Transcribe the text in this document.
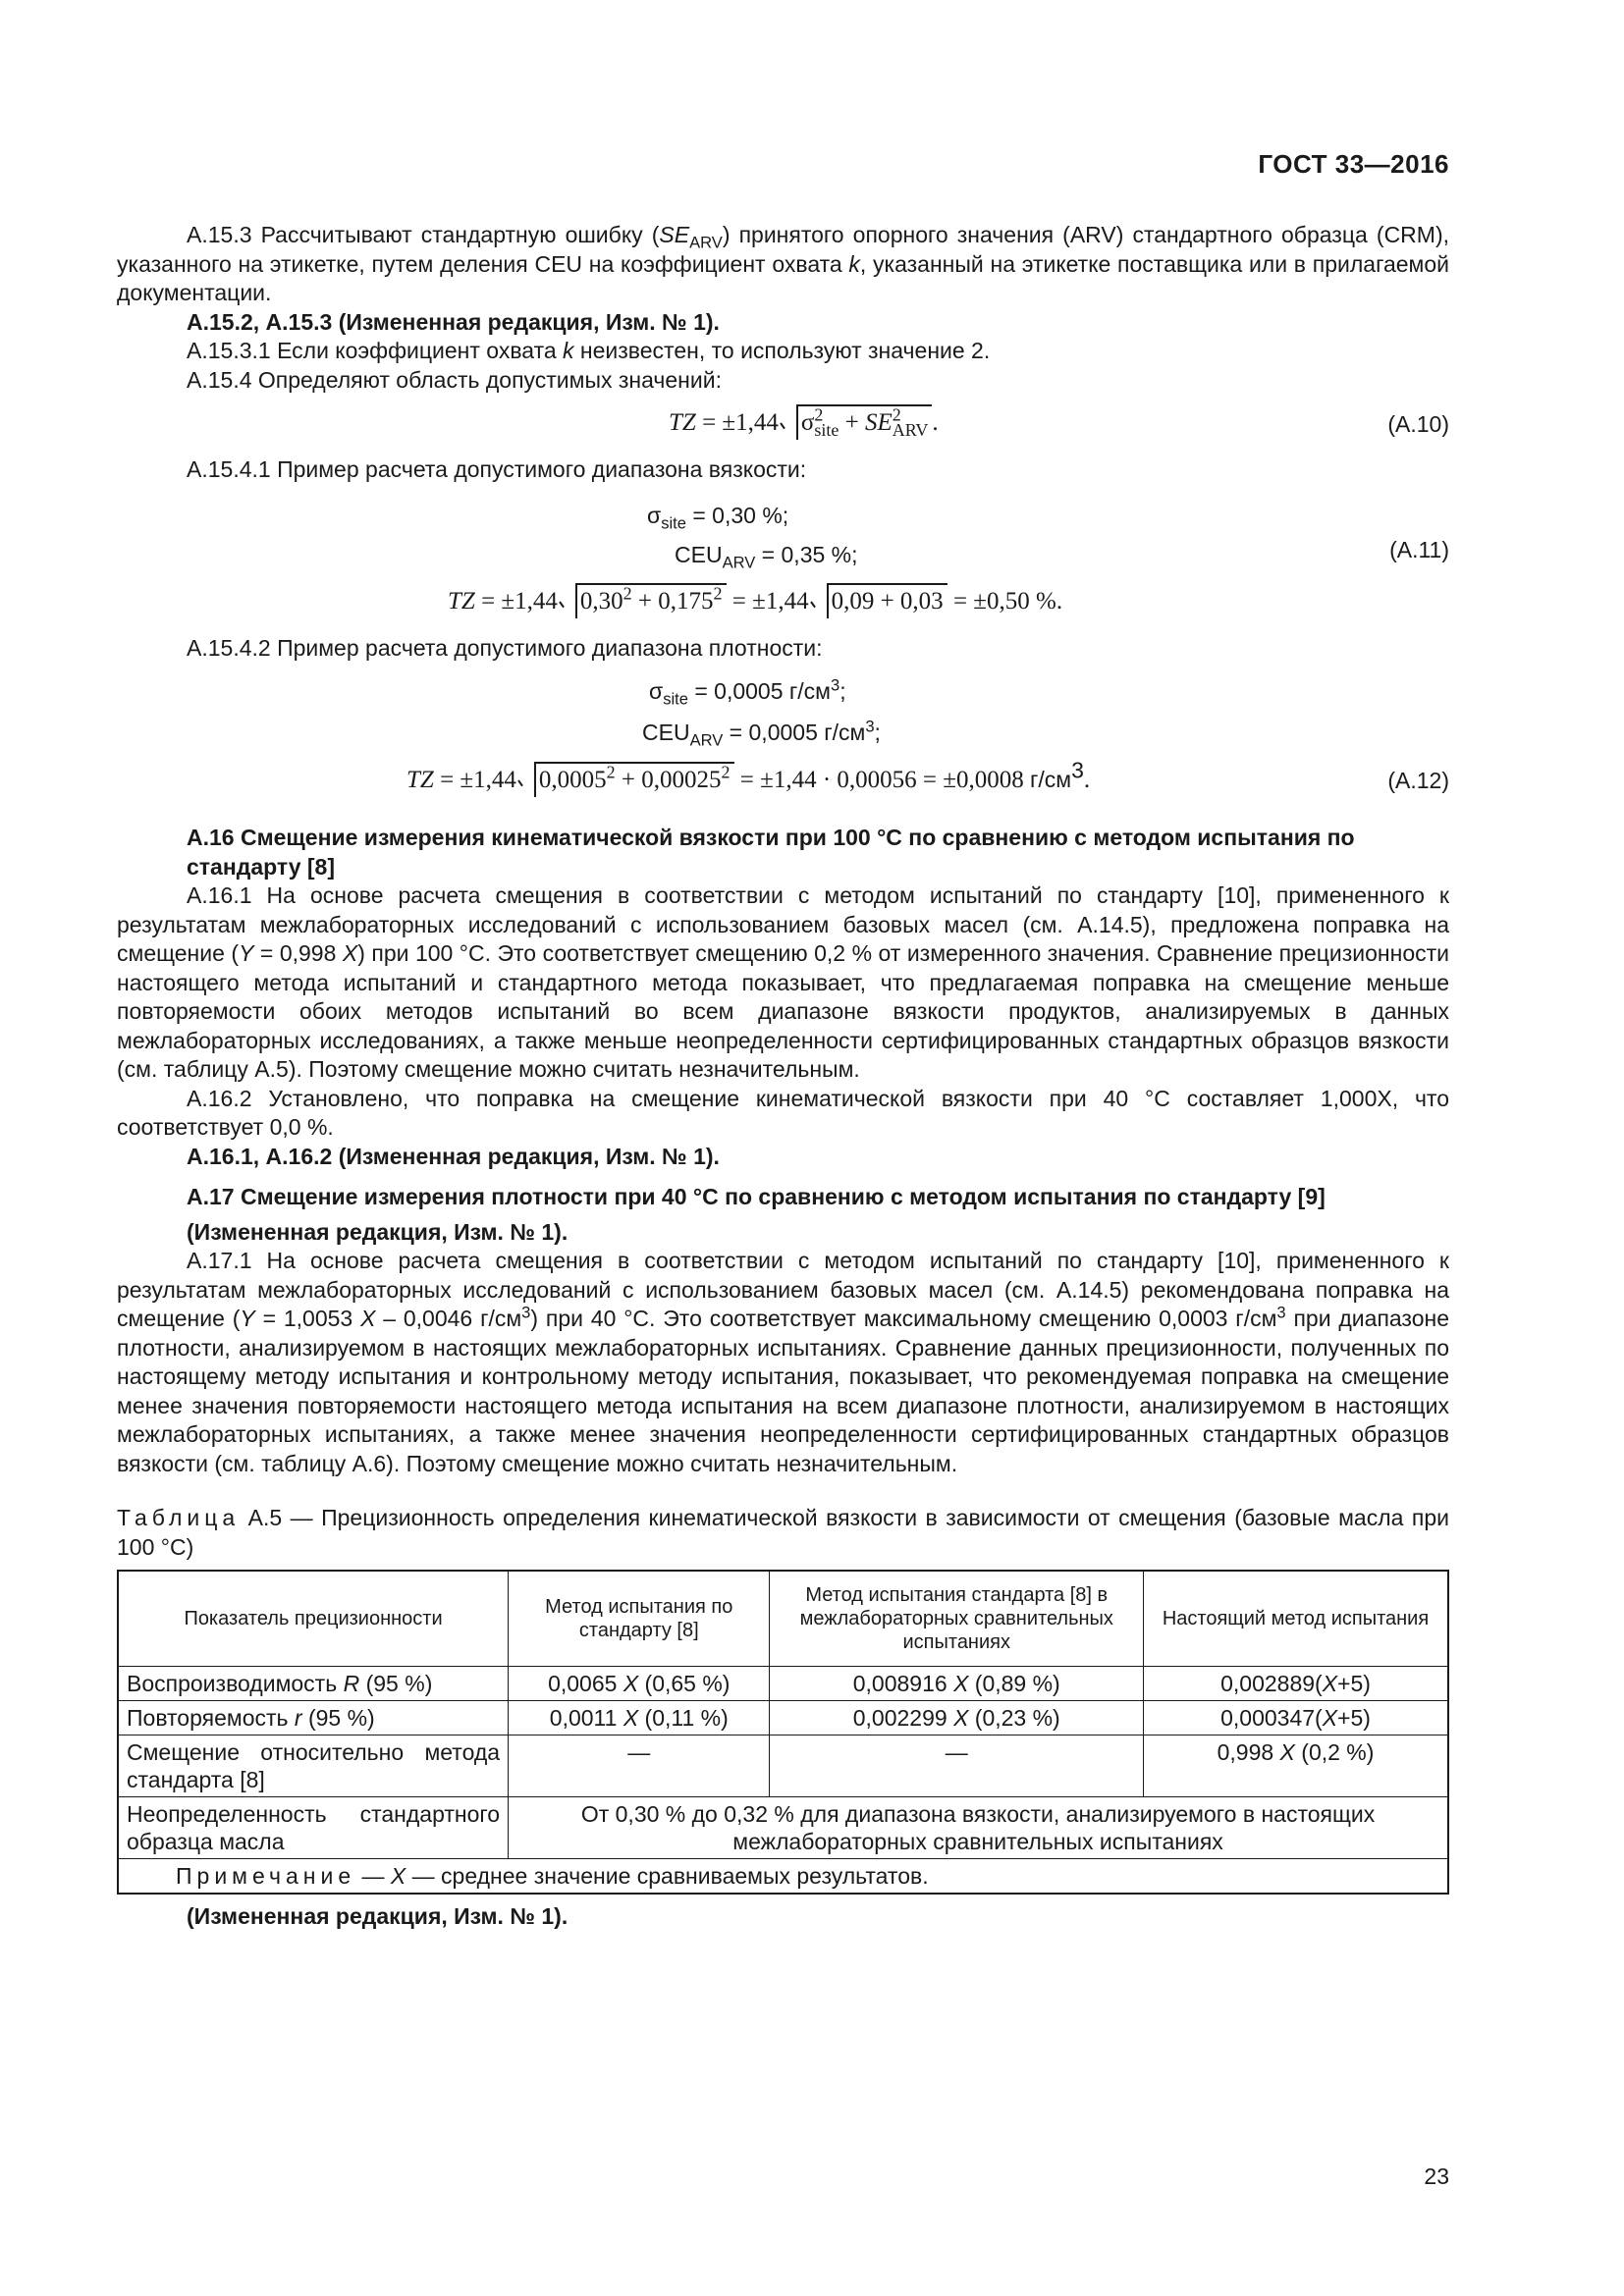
ГОСТ 33—2016

А.15.3 Рассчитывают стандартную ошибку $(SE_{ARV})$ принятого опорного значения (ARV) стандартного образца (CRM), указанного на этикетке, путем деления CEU на коэффициент охвата k, указанный на этикетке поставщика или в прилагаемой документации.

А.15.2, А.15.3 (Измененная редакция, Изм. № 1).

А.15.3.1 Если коэффициент охвата k неизвестен, то используют значение 2.

А.15.4 Определяют область допустимых значений:

TZ = ±1,44 $\sigma^2_{site} + SE^2_{ARV}$ .	(А.10)

А.15.4.1 Пример расчета допустимого диапазона вязкости:

$\sigma_{site} = 0,30$ %;
$CEU_{ARV} = 0,35$ %;	(А.11)
TZ = ±1,44 $0,30^2 + 0,175^2 = \pm 1,44$ 0,09 + 0,03 = ±0,50 %.

А.15.4.2 Пример расчета допустимого диапазона плотности:

$\sigma_{site} = 0,0005$ $г/см^3$;
$CEU_{ARV} = 0,0005$ $г/см^3$;
TZ = ±1,44 $0,0005^2 + 0,00025^2 = \pm 1,44 \cdot 0,00056 = \pm 0,0008$ $г/см^3$.	(А.12)

А.16 Смещение измерения кинематической вязкости при 100 °С по сравнению с методом испытания по стандарту [8]

А.16.1 На основе расчета смещения в соответствии с методом испытаний по стандарту [10], примененного к результатам межлабораторных исследований с использованием базовых масел (см. А.14.5), предложена поправка на смещение (Y = 0,998 X) при 100 °С. Это соответствует смещению 0,2 % от измеренного значения. Сравнение прецизионности настоящего метода испытаний и стандартного метода показывает, что предлагаемая поправка на смещение меньше повторяемости обоих методов испытаний во всем диапазоне вязкости продуктов, анализируемых в данных межлабораторных исследованиях, а также меньше неопределенности сертифицированных стандартных образцов вязкости (см. таблицу А.5). Поэтому смещение можно считать незначительным.

А.16.2 Установлено, что поправка на смещение кинематической вязкости при 40 °С составляет 1,000Х, что соответствует 0,0 %.

А.16.1, А.16.2 (Измененная редакция, Изм. № 1).

А.17 Смещение измерения плотности при 40 °С по сравнению с методом испытания по стандарту [9]

(Измененная редакция, Изм. № 1).

А.17.1 На основе расчета смещения в соответствии с методом испытаний по стандарту [10], примененного к результатам межлабораторных исследований с использованием базовых масел (см. А.14.5) рекомендована поправка на смещение (Y = 1,0053 X – 0,0046 $г/см^3$) при 40 °С. Это соответствует максимальному смещению 0,0003 $г/см^3$ при диапазоне плотности, анализируемом в настоящих межлабораторных испытаниях. Сравнение данных прецизионности, полученных по настоящему методу испытания и контрольному методу испытания, показывает, что рекомендуемая поправка на смещение менее значения повторяемости настоящего метода испытания на всем диапазоне плотности, анализируемом в настоящих межлабораторных испытаниях, а также менее значения неопределенности сертифицированных стандартных образцов вязкости (см. таблицу А.6). Поэтому смещение можно считать незначительным.

Таблица А.5 — Прецизионность определения кинематической вязкости в зависимости от смещения (базовые масла при 100 °С)

Показатель прецизионности	Метод испытания по стандарту [8]	Метод испытания стандарта [8] в межлабораторных сравнительных испытаниях	Настоящий метод испытания
Воспроизводимость R (95 %)	0,0065 X (0,65 %)	0,008916 X (0,89 %)	0,002889(X+5)
Повторяемость r (95 %)	0,0011 X (0,11 %)	0,002299 X (0,23 %)	0,000347(X+5)
Смещение относительно метода стандарта [8]	—	—	0,998 X (0,2 %)
Неопределенность стандартного образца масла	От 0,30 % до 0,32 % для диапазона вязкости, анализируемого в настоящих межлабораторных сравнительных испытаниях		
Примечание — X — среднее значение сравниваемых результатов.			

(Измененная редакция, Изм. № 1).

23
